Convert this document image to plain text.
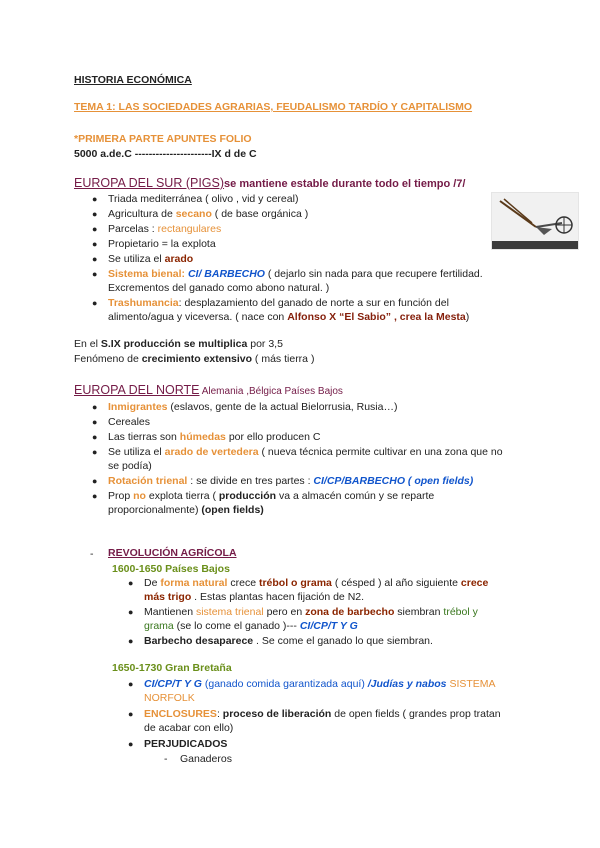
HISTORIA ECONÓMICA
TEMA 1: LAS SOCIEDADES AGRARIAS, FEUDALISMO TARDÍO Y CAPITALISMO
*PRIMERA PARTE APUNTES FOLIO
5000 a.de.C ----------------------IX d de C
EUROPA DEL SUR (PIGS)se mantiene estable durante todo el tiempo /7/
● Triada mediterránea ( olivo , vid y cereal)
● Agricultura de secano ( de base orgánica )
● Parcelas : rectangulares
● Propietario = la explota
● Se utiliza el arado
● Sistema bienal: CI/ BARBECHO ( dejarlo sin nada para que recupere fertilidad.
Excrementos del ganado como abono natural. )
● Trashumancia: desplazamiento del ganado de norte a sur en función del
alimento/agua y viceversa. ( nace con Alfonso X “El Sabio” , crea la Mesta)
En el S.IX producción se multiplica por 3,5
Fenómeno de crecimiento extensivo ( más tierra )
EUROPA DEL NORTE Alemania ,Bélgica Países Bajos
● Inmigrantes (eslavos, gente de la actual Bielorrusia, Rusia…)
● Cereales
● Las tierras son húmedas por ello producen C
● Se utiliza el arado de vertedera ( nueva técnica permite cultivar en una zona que no
se podía)
● Rotación trienal : se divide en tres partes : CI/CP/BARBECHO ( open fields)
● Prop no explota tierra ( producción va a almacén común y se reparte
proporcionalmente) (open fields)
- REVOLUCIÓN AGRÍCOLA
1600-1650 Países Bajos
● De forma natural crece trébol o grama ( césped ) al año siguiente crece
más trigo . Estas plantas hacen fijación de N2.
● Mantienen sistema trienal pero en zona de barbecho siembran trébol y
grama (se lo come el ganado )--- CI/CP/T Y G
● Barbecho desaparece . Se come el ganado lo que siembran.
1650-1730 Gran Bretaña
● CI/CP/T Y G (ganado comida garantizada aquí) /Judías y nabos SISTEMA
NORFOLK
● ENCLOSURES: proceso de liberación de open fields ( grandes prop tratan
de acabar con ello)
● PERJUDICADOS
- Ganaderos
